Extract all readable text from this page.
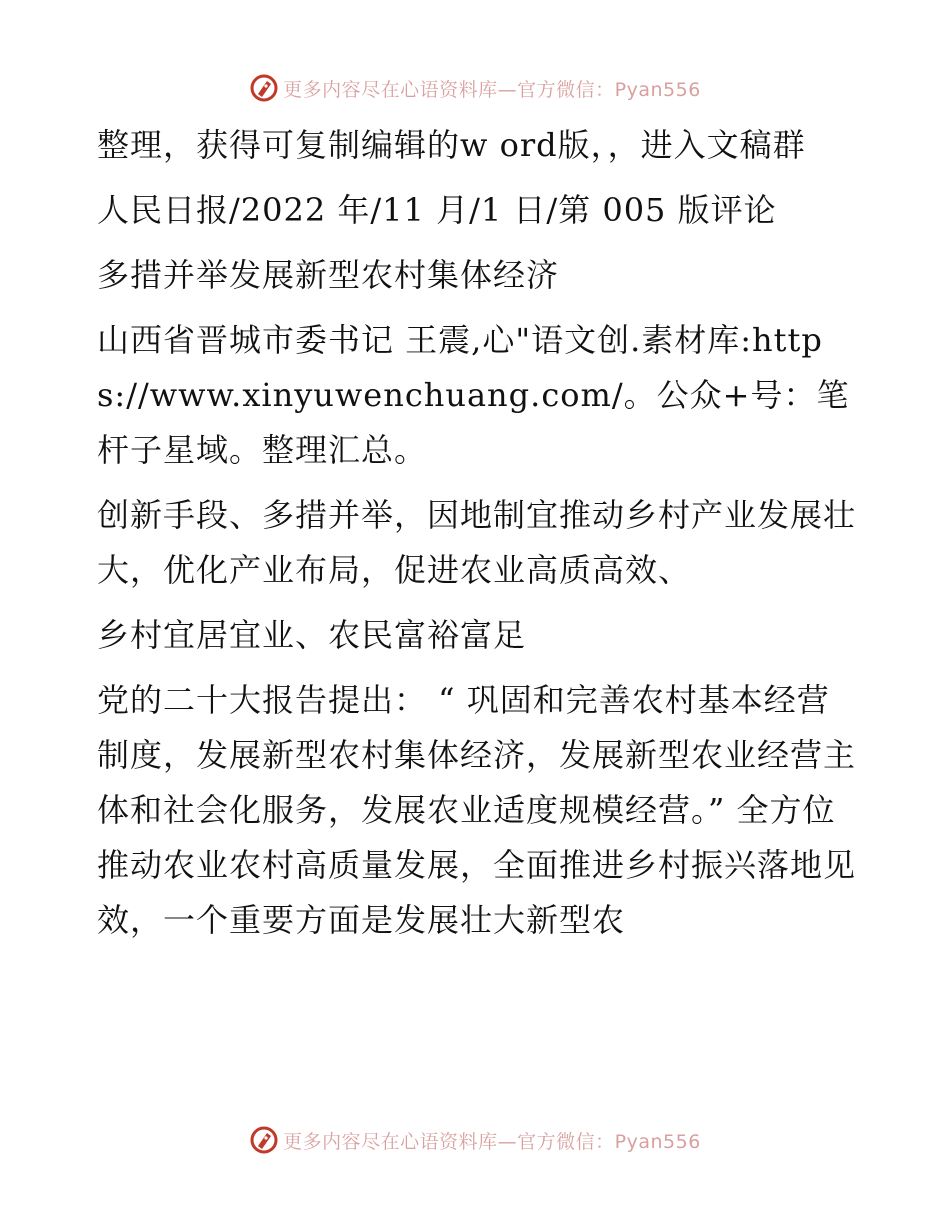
更多内容尽在心语资料库—官方微信：Pyan556

整理，获得可复制编辑的w ord版，，进入文稿群

人民日报/2022 年/11 月/1 日/第 005 版评论

多措并举发展新型农村集体经济

山西省晋城市委书记 王震,心"语文创.素材库:https://www.xinyuwenchuang.com/。公众+号：笔杆子星域。整理汇总。

创新手段、多措并举，因地制宜推动乡村产业发展壮大，优化产业布局，促进农业高质高效、

乡村宜居宜业、农民富裕富足

党的二十大报告提出： “ 巩固和完善农村基本经营制度，发展新型农村集体经济，发展新型农业经营主体和社会化服务，发展农业适度规模经营。” 全方位推动农业农村高质量发展，全面推进乡村振兴落地见效，一个重要方面是发展壮大新型农

更多内容尽在心语资料库—官方微信：Pyan556
